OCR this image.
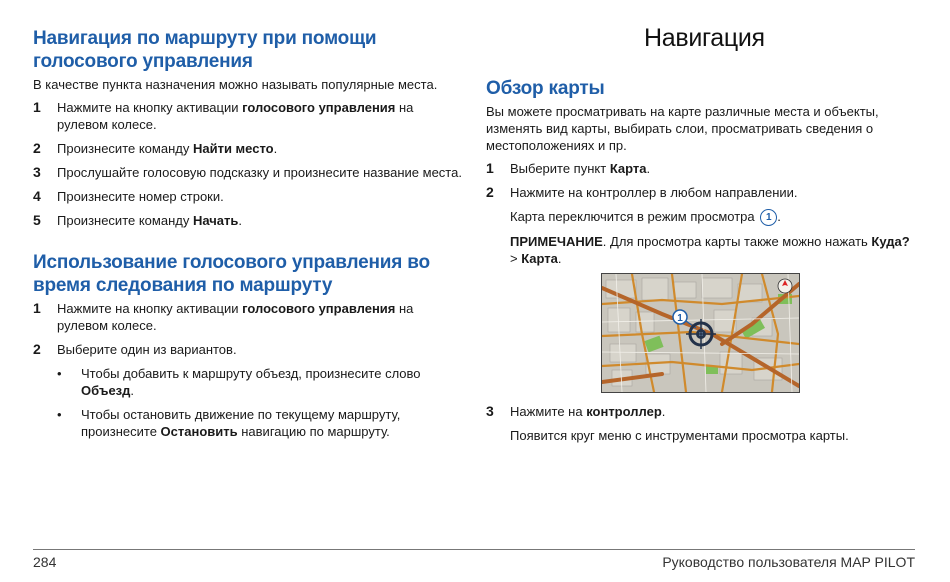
Навигация по маршруту при помощи голосового управления

В качестве пункта назначения можно называть популярные места.

1	Нажмите на кнопку активации голосового управления на рулевом колесе.
2	Произнесите команду Найти место.
3	Прослушайте голосовую подсказку и произнесите название места.
4	Произнесите номер строки.
5	Произнесите команду Начать.
Использование голосового управления во время следования по маршруту
1	Нажмите на кнопку активации голосового управления на рулевом колесе.
2	Выберите один из вариантов.
•	Чтобы добавить к маршруту объезд, произнесите слово Объезд.
•	Чтобы остановить движение по текущему маршруту, произнесите Остановить навигацию по маршруту.
Навигация
Обзор карты

Вы можете просматривать на карте различные места и объекты, изменять вид карты, выбирать слои, просматривать сведения о местоположениях и пр.

1	Выберите пункт Карта.
2	Нажмите на контроллер в любом направлении.

Карта переключится в режим просмотра 1 .

ПРИМЕЧАНИЕ. Для просмотра карты также можно нажать Куда?
> Карта.

1
3	Нажмите на контроллер.

Появится круг меню с инструментами просмотра карты.

284	Руководство пользователя MAP PILOT
